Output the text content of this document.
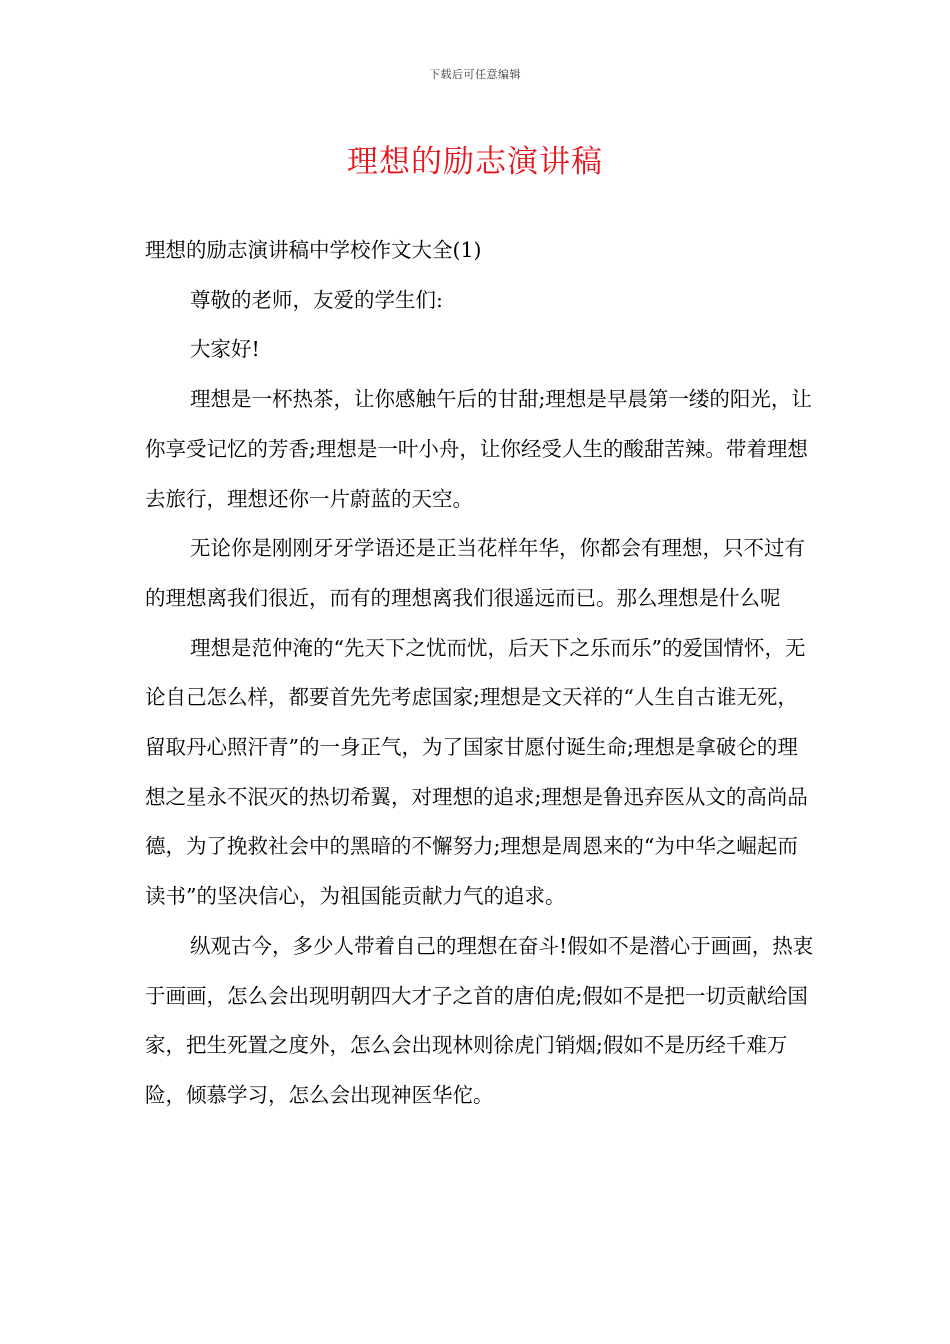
下载后可任意编辑
理想的励志演讲稿

理想的励志演讲稿中学校作文大全(1)

尊敬的老师，友爱的学生们:

大家好!

理想是一杯热茶，让你感触午后的甘甜;理想是早晨第一缕的阳光，让你享受记忆的芳香;理想是一叶小舟，让你经受人生的酸甜苦辣。带着理想去旅行，理想还你一片蔚蓝的天空。

无论你是刚刚牙牙学语还是正当花样年华，你都会有理想，只不过有的理想离我们很近，而有的理想离我们很遥远而已。那么理想是什么呢

理想是范仲淹的“先天下之忧而忧，后天下之乐而乐”的爱国情怀，无论自己怎么样，都要首先先考虑国家;理想是文天祥的“人生自古谁无死，留取丹心照汗青”的一身正气，为了国家甘愿付诞生命;理想是拿破仑的理想之星永不泯灭的热切希翼，对理想的追求;理想是鲁迅弃医从文的高尚品德，为了挽救社会中的黑暗的不懈努力;理想是周恩来的“为中华之崛起而读书”的坚决信心，为祖国能贡献力气的追求。

纵观古今，多少人带着自己的理想在奋斗!假如不是潜心于画画，热衷于画画，怎么会出现明朝四大才子之首的唐伯虎;假如不是把一切贡献给国家，把生死置之度外，怎么会出现林则徐虎门销烟;假如不是历经千难万险，倾慕学习，怎么会出现神医华佗。
